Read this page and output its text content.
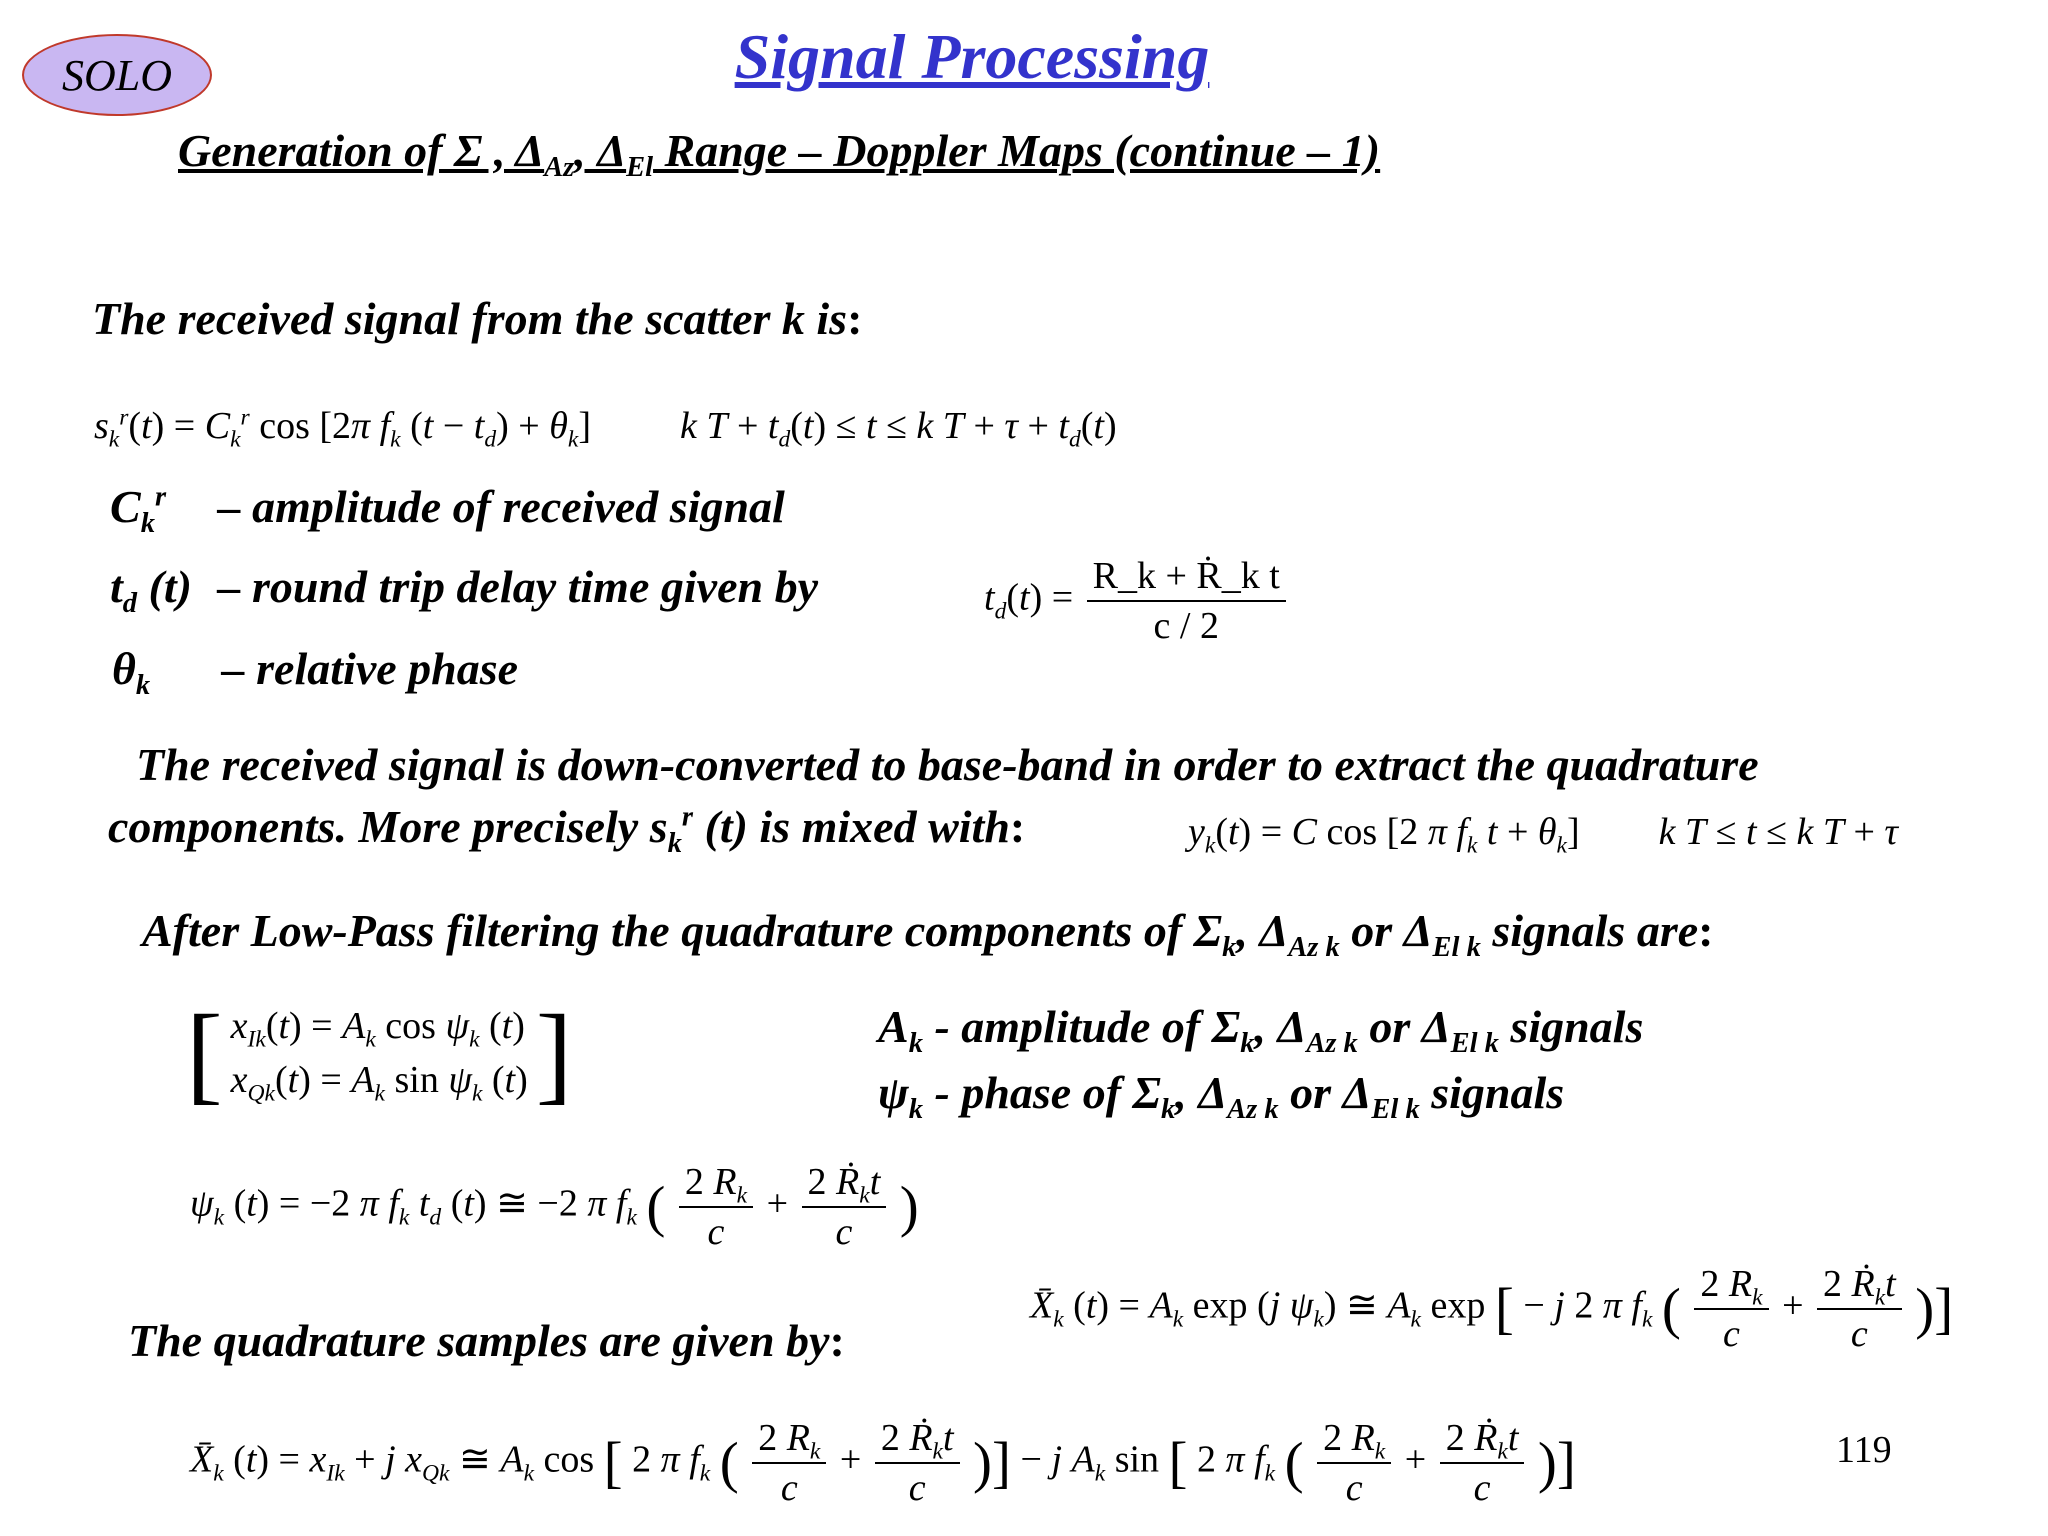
SOLO	Signal Processing
Generation of Σ , $\Delta_{Az}$, $\Delta_{El}$ Range – Doppler Maps (continue – 1)
The received signal from the scatter k is:
$s_k^r(t) = C_k^r$ cos [2π $f_k$ $(t - t_d) + \theta_k$]  k $T + t_d(t) \le t \le k$ $T + \tau + t_d(t)$
$C_k^r$ – amplitude of received signal
$t_d$ (t) – round trip delay time given by
$\theta_k$ – relative phase
$t_d(t) = \frac{\text{R\_k + Ṙ\_k t}}{c / 2}$
The received signal is down-converted to base-band in order to extract the quadrature
components. More precisely $s_k^r$ (t) is mixed with:	$y_k(t) = C$ cos [2 π $f_k$ $t + \theta_k$]  k T ≤ t ≤ k T + τ
After Low-Pass filtering the quadrature components of $\Sigma_k$, $\Delta_{Az k}$ or $\Delta_{El k}$ signals are:
[ $x_{Ik}(t) = A_k$ $\cos \psi_k$ (t)
$x_{Qk}(t) = A_k$ $\sin \psi_k$ (t) ]	$A_k$ - amplitude of $\Sigma_k$, $\Delta_{Az k}$ or $\Delta_{El k}$ signals
$\psi_k$ - phase of $\Sigma_k$, $\Delta_{Az k}$ or $\Delta_{El k}$ signals
$\psi_k$ (t) = −2 π $f_k$ $t_d$ (t) ≅ −2 π $f_k$ ( $\frac{2 R_k}{c} + \frac{2 Ṙ_kt}{c}$ )
$X̄_k$ $(t) = A_k$ exp (j $\psi_k$) ≅ $A_k$ exp [ − j 2 π $f_k$ ( $\frac{2 R_k}{c} + \frac{2 Ṙ_kt}{c}$ )]
The quadrature samples are given by:
$X̄_k$ $(t) = x_{Ik} + j$ $x_{Qk}$ ≅ $A_k$ cos [ 2 π $f_k$ ( $\frac{2 R_k}{c} + \frac{2 Ṙ_kt}{c}$ )] − j $A_k$ sin [ 2 π $f_k$ ( $\frac{2 R_k}{c} + \frac{2 Ṙ_kt}{c}$ )]	119
